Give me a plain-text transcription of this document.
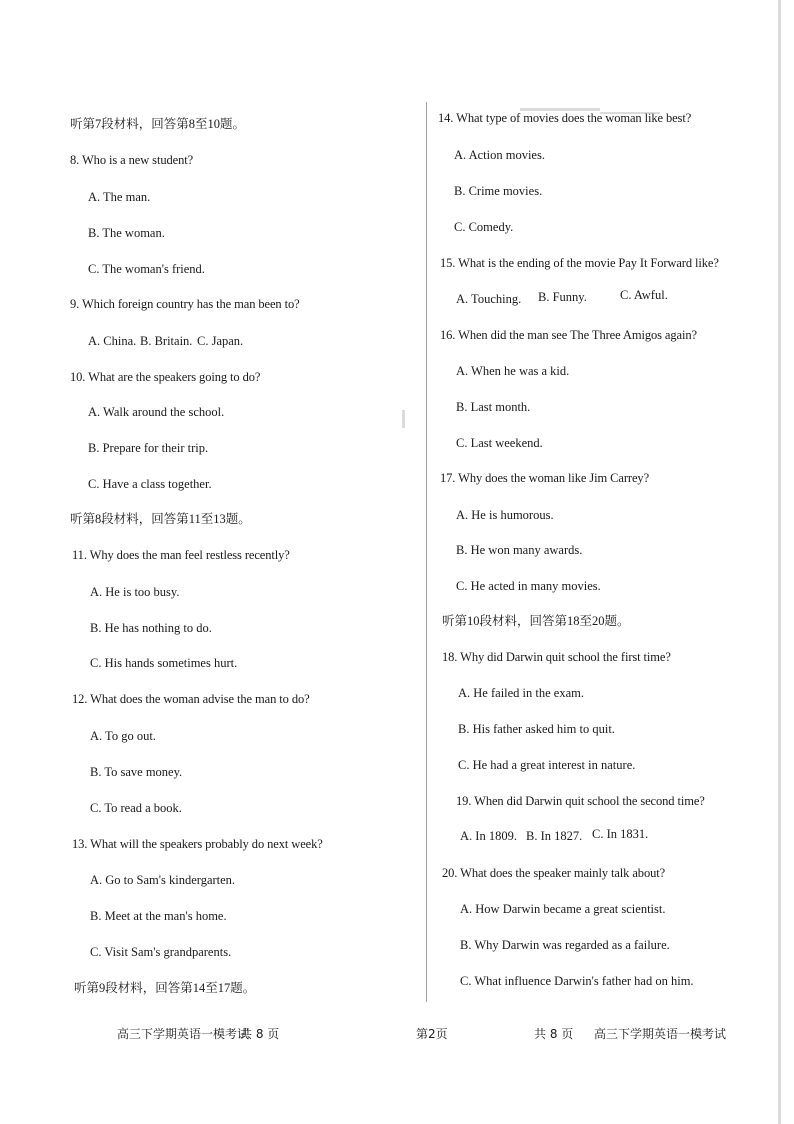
听第7段材料，回答第8至10题。
8. Who is a new student?
A. The man.
B. The woman.
C. The woman's friend.
9. Which foreign country has the man been to?
A. China. B. Britain. C. Japan.
10. What are the speakers going to do?
A. Walk around the school.
B. Prepare for their trip.
C. Have a class together.
听第8段材料，回答第11至13题。
11. Why does the man feel restless recently?
A. He is too busy.
B. He has nothing to do.
C. His hands sometimes hurt.
12. What does the woman advise the man to do?
A. To go out.
B. To save money.
C. To read a book.
13. What will the speakers probably do next week?
A. Go to Sam's kindergarten.
B. Meet at the man's home.
C. Visit Sam's grandparents.
听第9段材料，回答第14至17题。
14. What type of movies does the woman like best?
A. Action movies.
B. Crime movies.
C. Comedy.
15. What is the ending of the movie Pay It Forward like?
A. Touching. B. Funny.	C. Awful.
16. When did the man see The Three Amigos again?
A. When he was a kid.
B. Last month.
C. Last weekend.
17. Why does the woman like Jim Carrey?
A. He is humorous.
B. He won many awards.
C. He acted in many movies.
听第10段材料，回答第18至20题。
18. Why did Darwin quit school the first time?
A. He failed in the exam.
B. His father asked him to quit.
C. He had a great interest in nature.
19. When did Darwin quit school the second time?
A. In 1809. B. In 1827. C. In 1831.
20. What does the speaker mainly talk about?
A. How Darwin became a great scientist.
B. Why Darwin was regarded as a failure.
C. What influence Darwin's father had on him.
高三下学期英语一模考试
共 8 页	第2页	共 8 页 高三下学期英语一模考试
